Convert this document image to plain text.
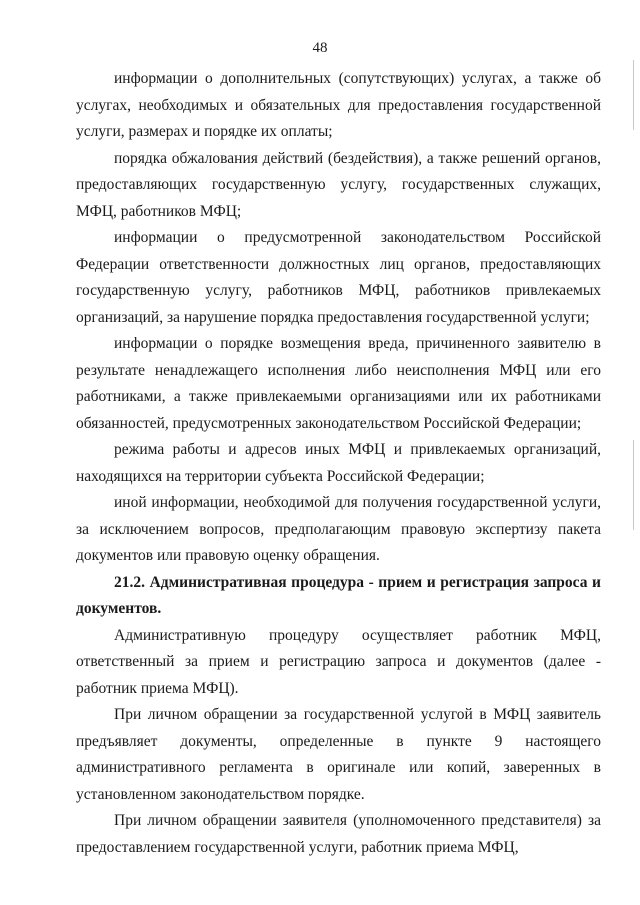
48

информации о дополнительных (сопутствующих) услугах, а также об услугах, необходимых и обязательных для предоставления государственной услуги, размерах и порядке их оплаты;

порядка обжалования действий (бездействия), а также решений органов, предоставляющих государственную услугу, государственных служащих, МФЦ, работников МФЦ;

информации о предусмотренной законодательством Российской Федерации ответственности должностных лиц органов, предоставляющих государственную услугу, работников МФЦ, работников привлекаемых организаций, за нарушение порядка предоставления государственной услуги;

информации о порядке возмещения вреда, причиненного заявителю в результате ненадлежащего исполнения либо неисполнения МФЦ или его работниками, а также привлекаемыми организациями или их работниками обязанностей, предусмотренных законодательством Российской Федерации;

режима работы и адресов иных МФЦ и привлекаемых организаций, находящихся на территории субъекта Российской Федерации;

иной информации, необходимой для получения государственной услуги, за исключением вопросов, предполагающим правовую экспертизу пакета документов или правовую оценку обращения.

21.2. Административная процедура - прием и регистрация запроса и документов.

Административную процедуру осуществляет работник МФЦ, ответственный за прием и регистрацию запроса и документов (далее - работник приема МФЦ).

При личном обращении за государственной услугой в МФЦ заявитель предъявляет документы, определенные в пункте 9 настоящего административного регламента в оригинале или копий, заверенных в установленном законодательством порядке.

При личном обращении заявителя (уполномоченного представителя) за предоставлением государственной услуги, работник приема МФЦ,
